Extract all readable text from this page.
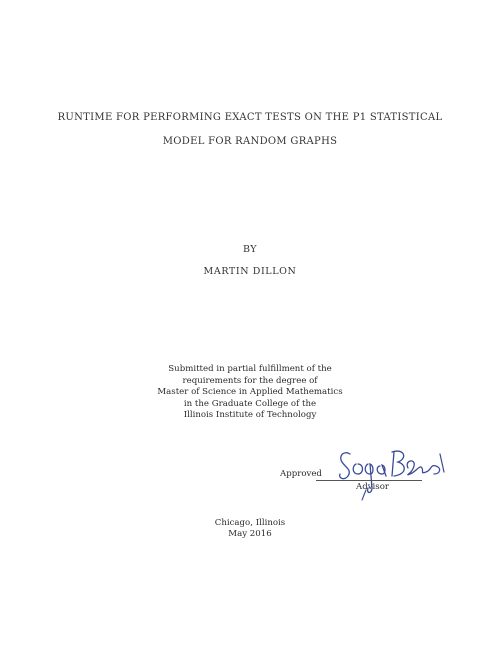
RUNTIME FOR PERFORMING EXACT TESTS ON THE P1 STATISTICAL
MODEL FOR RANDOM GRAPHS
BY
MARTIN DILLON
Submitted in partial fulfillment of the
requirements for the degree of
Master of Science in Applied Mathematics
in the Graduate College of the
Illinois Institute of Technology
Approved
Advisor
Chicago, Illinois
May 2016
